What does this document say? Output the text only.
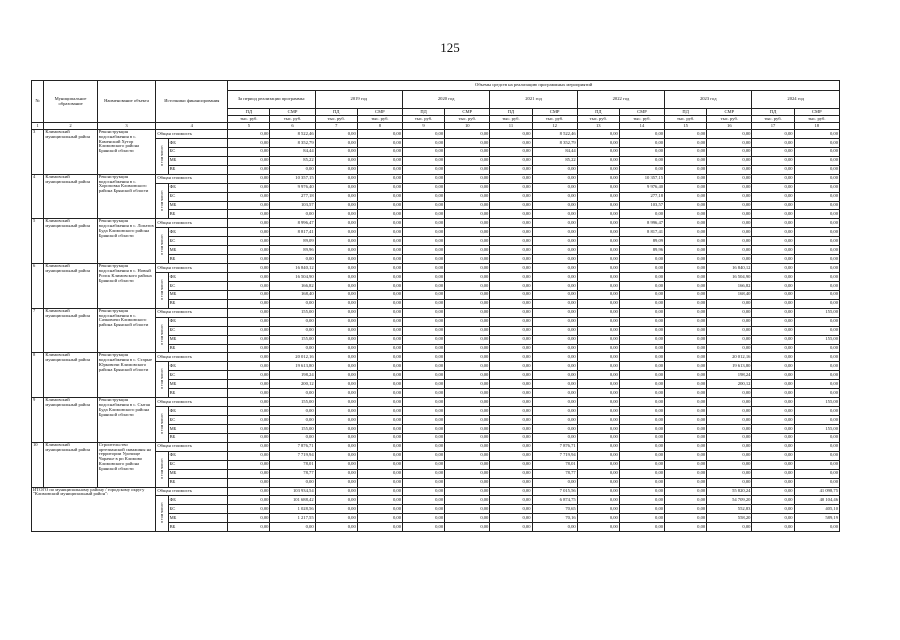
125
№	Муниципальное образование	Наименование объекта	Источники финансирования		Объемы средств на реализацию программных мероприятий													
					За период реализации программы:		2019 год		2020 год		2021 год		2022 год		2023 год		2024 год	
					ПД	СМР	ПД	СМР	ПД	СМР	ПД	СМР	ПД	СМР	ПД	СМР	ПД	СМР
					тыс. руб.	тыс. руб.	тыс. руб.	тыс. руб.	тыс. руб.	тыс. руб.	тыс. руб.	тыс. руб.	тыс. руб.	тыс. руб.	тыс. руб.	тыс. руб.	тыс. руб.	тыс. руб.
1	2	3	4		5	6	7	8	9	10	11	12	13	14	15	16	17	18
3	Климовский муниципальный район	Реконструкция водоснабжения в с. Каменский Хутор Климовского района Брянской области	Общая стоимость		0,00	8 522,46	0,00	0,00	0,00	0,00	0,00	8 522,46	0,00	0,00	0,00	0,00	0,00	0,00
			в том числе:	ФБ	0,00	8 352,79	0,00	0,00	0,00	0,00	0,00	8 352,79	0,00	0,00	0,00	0,00	0,00	0,00
				БС	0,00	84,44	0,00	0,00	0,00	0,00	0,00	84,44	0,00	0,00	0,00	0,00	0,00	0,00
				МБ	0,00	85,22	0,00	0,00	0,00	0,00	0,00	85,22	0,00	0,00	0,00	0,00	0,00	0,00
				ВБ	0,00	0,00	0,00	0,00	0,00	0,00	0,00	0,00	0,00	0,00	0,00	0,00	0,00	0,00
4	Климовский муниципальный район	Реконструкция водоснабжения в с. Хороповка Климовского района Брянской области	Общая стоимость		0,00	10 357,15	0,00	0,00	0,00	0,00	0,00	0,00	0,00	10 357,15	0,00	0,00	0,00	0,00
			в том числе:	ФБ	0,00	9 976,40	0,00	0,00	0,00	0,00	0,00	0,00	0,00	9 976,40	0,00	0,00	0,00	0,00
				БС	0,00	277,18	0,00	0,00	0,00	0,00	0,00	0,00	0,00	277,18	0,00	0,00	0,00	0,00
				МБ	0,00	103,57	0,00	0,00	0,00	0,00	0,00	0,00	0,00	103,57	0,00	0,00	0,00	0,00
				ВБ	0,00	0,00	0,00	0,00	0,00	0,00	0,00	0,00	0,00	0,00	0,00	0,00	0,00	0,00
5	Климовский муниципальный район	Реконструкция водоснабжения в с. Лопатов Буда Климовского района Брянской области	Общая стоимость		0,00	8 996,47	0,00	0,00	0,00	0,00	0,00	0,00	0,00	8 996,47	0,00	0,00	0,00	0,00
			в том числе:	ФБ	0,00	8 817,41	0,00	0,00	0,00	0,00	0,00	0,00	0,00	8 817,41	0,00	0,00	0,00	0,00
				БС	0,00	89,09	0,00	0,00	0,00	0,00	0,00	0,00	0,00	89,09	0,00	0,00	0,00	0,00
				МБ	0,00	89,96	0,00	0,00	0,00	0,00	0,00	0,00	0,00	89,96	0,00	0,00	0,00	0,00
				ВБ	0,00	0,00	0,00	0,00	0,00	0,00	0,00	0,00	0,00	0,00	0,00	0,00	0,00	0,00
6	Климовский муниципальный район	Реконструкция водоснабжения в с. Новый Ропск Климовского района Брянской области	Общая стоимость		0,00	16 840,12	0,00	0,00	0,00	0,00	0,00	0,00	0,00	0,00	0,00	16 840,12	0,00	0,00
			в том числе:	ФБ	0,00	16 504,90	0,00	0,00	0,00	0,00	0,00	0,00	0,00	0,00	0,00	16 504,90	0,00	0,00
				БС	0,00	166,82	0,00	0,00	0,00	0,00	0,00	0,00	0,00	0,00	0,00	166,82	0,00	0,00
				МБ	0,00	168,40	0,00	0,00	0,00	0,00	0,00	0,00	0,00	0,00	0,00	168,40	0,00	0,00
				ВБ	0,00	0,00	0,00	0,00	0,00	0,00	0,00	0,00	0,00	0,00	0,00	0,00	0,00	0,00
7	Климовский муниципальный район	Реконструкция водоснабжения в с. Сачковичи Климовского района Брянской области	Общая стоимость		0,00	155,00	0,00	0,00	0,00	0,00	0,00	0,00	0,00	0,00	0,00	0,00	0,00	155,00
			в том числе:	ФБ	0,00	0,00	0,00	0,00	0,00	0,00	0,00	0,00	0,00	0,00	0,00	0,00	0,00	0,00
				БС	0,00	0,00	0,00	0,00	0,00	0,00	0,00	0,00	0,00	0,00	0,00	0,00	0,00	0,00
				МБ	0,00	155,00	0,00	0,00	0,00	0,00	0,00	0,00	0,00	0,00	0,00	0,00	0,00	155,00
				ВБ	0,00	0,00	0,00	0,00	0,00	0,00	0,00	0,00	0,00	0,00	0,00	0,00	0,00	0,00
8	Климовский муниципальный район	Реконструкция водоснабжения в с. Старые Юрковичи Климовского района Брянской области	Общая стоимость		0,00	20 012,16	0,00	0,00	0,00	0,00	0,00	0,00	0,00	0,00	0,00	20 012,16	0,00	0,00
			в том числе:	ФБ	0,00	19 613,80	0,00	0,00	0,00	0,00	0,00	0,00	0,00	0,00	0,00	19 613,80	0,00	0,00
				БС	0,00	198,24	0,00	0,00	0,00	0,00	0,00	0,00	0,00	0,00	0,00	198,24	0,00	0,00
				МБ	0,00	200,12	0,00	0,00	0,00	0,00	0,00	0,00	0,00	0,00	0,00	200,12	0,00	0,00
				ВБ	0,00	0,00	0,00	0,00	0,00	0,00	0,00	0,00	0,00	0,00	0,00	0,00	0,00	0,00
9	Климовский муниципальный район	Реконструкция водоснабжения в с. Сытая Буда Климовского района Брянской области	Общая стоимость		0,00	155,00	0,00	0,00	0,00	0,00	0,00	0,00	0,00	0,00	0,00	0,00	0,00	155,00
			в том числе:	ФБ	0,00	0,00	0,00	0,00	0,00	0,00	0,00	0,00	0,00	0,00	0,00	0,00	0,00	0,00
				БС	0,00	0,00	0,00	0,00	0,00	0,00	0,00	0,00	0,00	0,00	0,00	0,00	0,00	0,00
				МБ	0,00	155,00	0,00	0,00	0,00	0,00	0,00	0,00	0,00	0,00	0,00	0,00	0,00	155,00
				ВБ	0,00	0,00	0,00	0,00	0,00	0,00	0,00	0,00	0,00	0,00	0,00	0,00	0,00	0,00
10	Климовский муниципальный район	Строительство артезианской скважины на территории Урочище Чарачье в рп Климово Климовского района Брянской области	Общая стоимость		0,00	7 876,71	0,00	0,00	0,00	0,00	0,00	7 876,71	0,00	0,00	0,00	0,00	0,00	0,00
			в том числе:	ФБ	0,00	7 719,94	0,00	0,00	0,00	0,00	0,00	7 719,94	0,00	0,00	0,00	0,00	0,00	0,00
				БС	0,00	78,01	0,00	0,00	0,00	0,00	0,00	78,01	0,00	0,00	0,00	0,00	0,00	0,00
				МБ	0,00	78,77	0,00	0,00	0,00	0,00	0,00	78,77	0,00	0,00	0,00	0,00	0,00	0,00
				ВБ	0,00	0,00	0,00	0,00	0,00	0,00	0,00	0,00	0,00	0,00	0,00	0,00	0,00	0,00
ИТОГО по муниципальному району / городскому округу "Климовский муниципальный район":			Общая стоимость		0,00	103 934,54	0,00	0,00	0,00	0,00	0,00	7 015,56	0,00	0,00	0,00	55 820,24	0,00	41 098,75
			в том числе:	ФБ	0,00	101 688,42	0,00	0,00	0,00	0,00	0,00	6 874,75	0,00	0,00	0,00	54 709,20	0,00	40 104,46
				БС	0,00	1 028,56	0,00	0,00	0,00	0,00	0,00	70,65	0,00	0,00	0,00	552,83	0,00	405,10
				МБ	0,00	1 217,55	0,00	0,00	0,00	0,00	0,00	70,16	0,00	0,00	0,00	558,20	0,00	589,19
				ВБ	0,00	0,00	0,00	0,00	0,00	0,00	0,00	0,00	0,00	0,00	0,00	0,00	0,00	0,00
